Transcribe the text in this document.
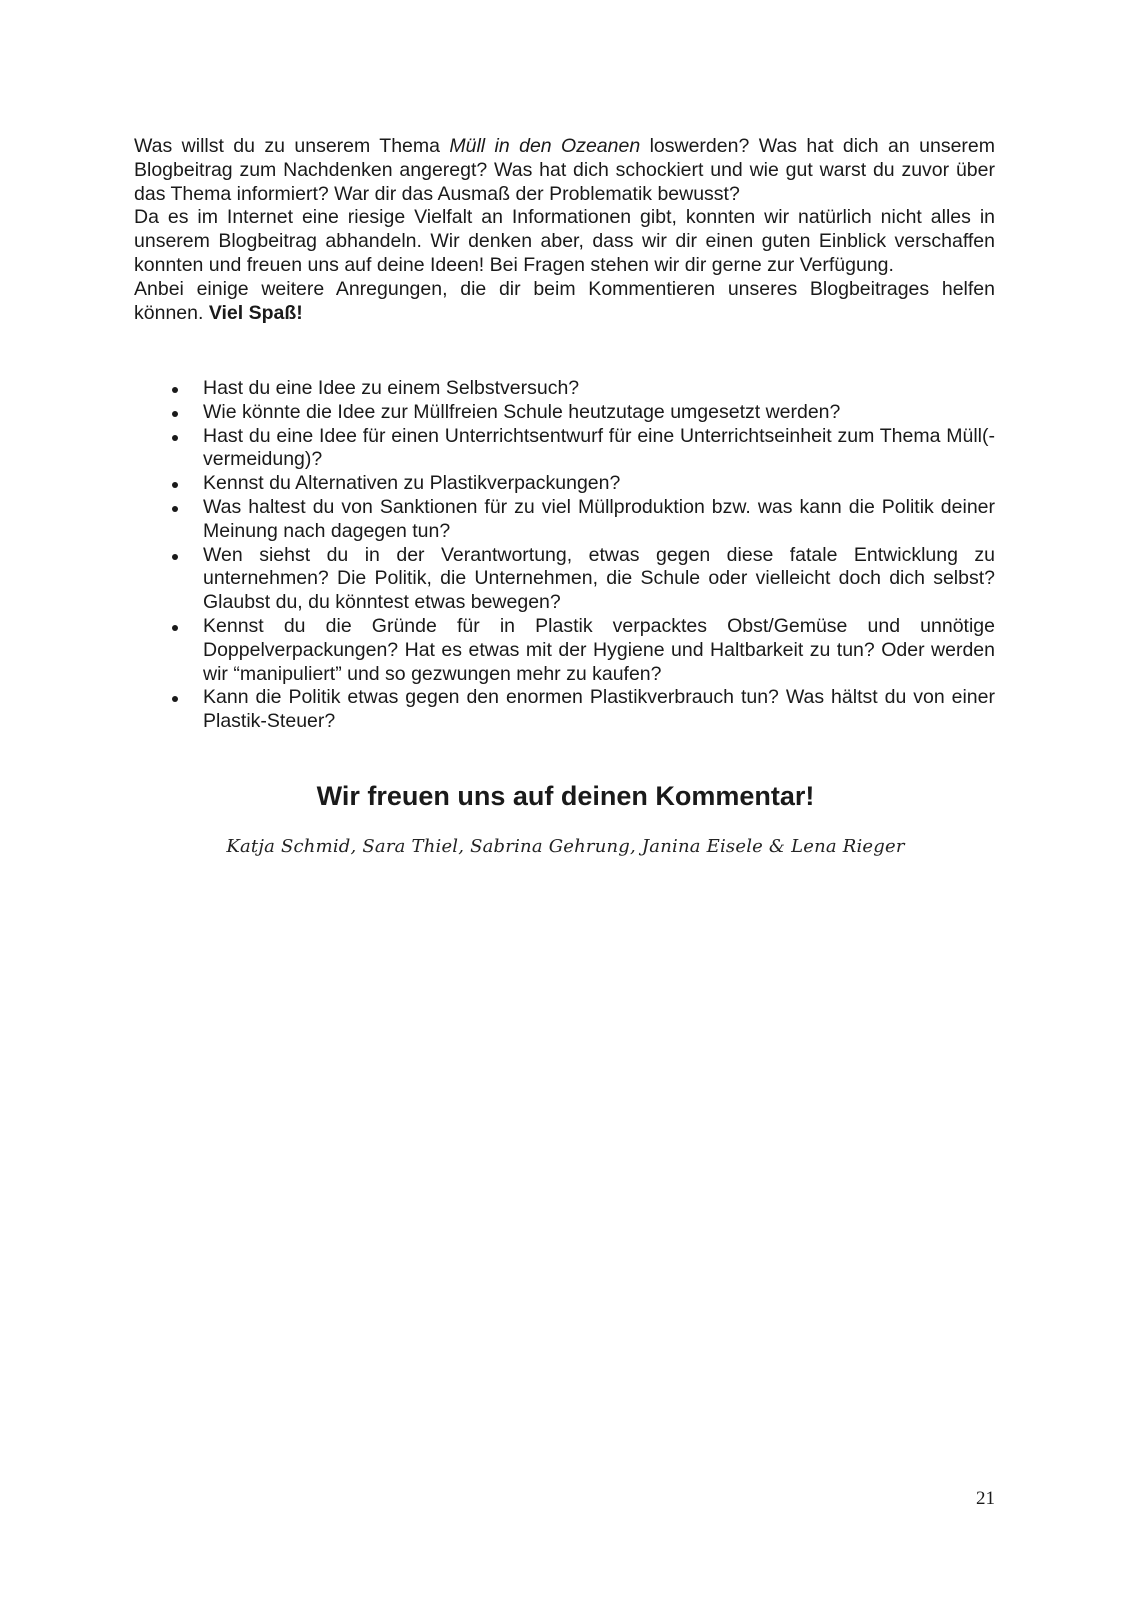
Was willst du zu unserem Thema Müll in den Ozeanen loswerden? Was hat dich an unserem Blogbeitrag zum Nachdenken angeregt? Was hat dich schockiert und wie gut warst du zuvor über das Thema informiert? War dir das Ausmaß der Problematik bewusst?

Da es im Internet eine riesige Vielfalt an Informationen gibt, konnten wir natürlich nicht alles in unserem Blogbeitrag abhandeln. Wir denken aber, dass wir dir einen guten Einblick verschaffen konnten und freuen uns auf deine Ideen! Bei Fragen stehen wir dir gerne zur Verfügung.

Anbei einige weitere Anregungen, die dir beim Kommentieren unseres Blogbeitrages helfen können. Viel Spaß!

Hast du eine Idee zu einem Selbstversuch?
Wie könnte die Idee zur Müllfreien Schule heutzutage umgesetzt werden?
Hast du eine Idee für einen Unterrichtsentwurf für eine Unterrichtseinheit zum Thema Müll(-vermeidung)?
Kennst du Alternativen zu Plastikverpackungen?
Was haltest du von Sanktionen für zu viel Müllproduktion bzw. was kann die Politik deiner Meinung nach dagegen tun?
Wen siehst du in der Verantwortung, etwas gegen diese fatale Entwicklung zu unternehmen? Die Politik, die Unternehmen, die Schule oder vielleicht doch dich selbst? Glaubst du, du könntest etwas bewegen?
Kennst du die Gründe für in Plastik verpacktes Obst/Gemüse und unnötige Doppelverpackungen? Hat es etwas mit der Hygiene und Haltbarkeit zu tun? Oder werden wir “manipuliert” und so gezwungen mehr zu kaufen?
Kann die Politik etwas gegen den enormen Plastikverbrauch tun? Was hältst du von einer Plastik-Steuer?
Wir freuen uns auf deinen Kommentar!
Katja Schmid, Sara Thiel, Sabrina Gehrung, Janina Eisele & Lena Rieger
21
